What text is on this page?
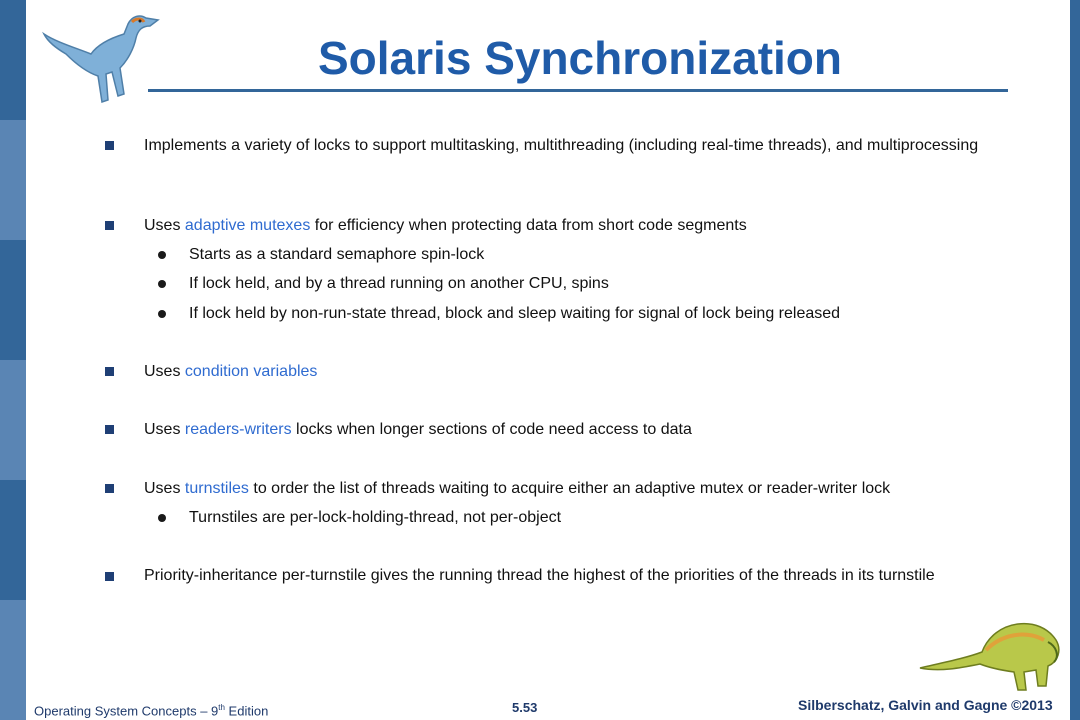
Solaris Synchronization
Implements a variety of locks to support multitasking, multithreading (including real-time threads), and multiprocessing
Uses adaptive mutexes for efficiency when protecting data from short code segments
Starts as a standard semaphore spin-lock
If lock held, and by a thread running on another CPU, spins
If lock held by non-run-state thread, block and sleep waiting for signal of lock being released
Uses condition variables
Uses readers-writers locks when longer sections of code need access to data
Uses turnstiles to order the list of threads waiting to acquire either an adaptive mutex or reader-writer lock
Turnstiles are per-lock-holding-thread, not per-object
Priority-inheritance per-turnstile gives the running thread the highest of the priorities of the threads in its turnstile
Operating System Concepts – 9th Edition	5.53	Silberschatz, Galvin and Gagne ©2013
